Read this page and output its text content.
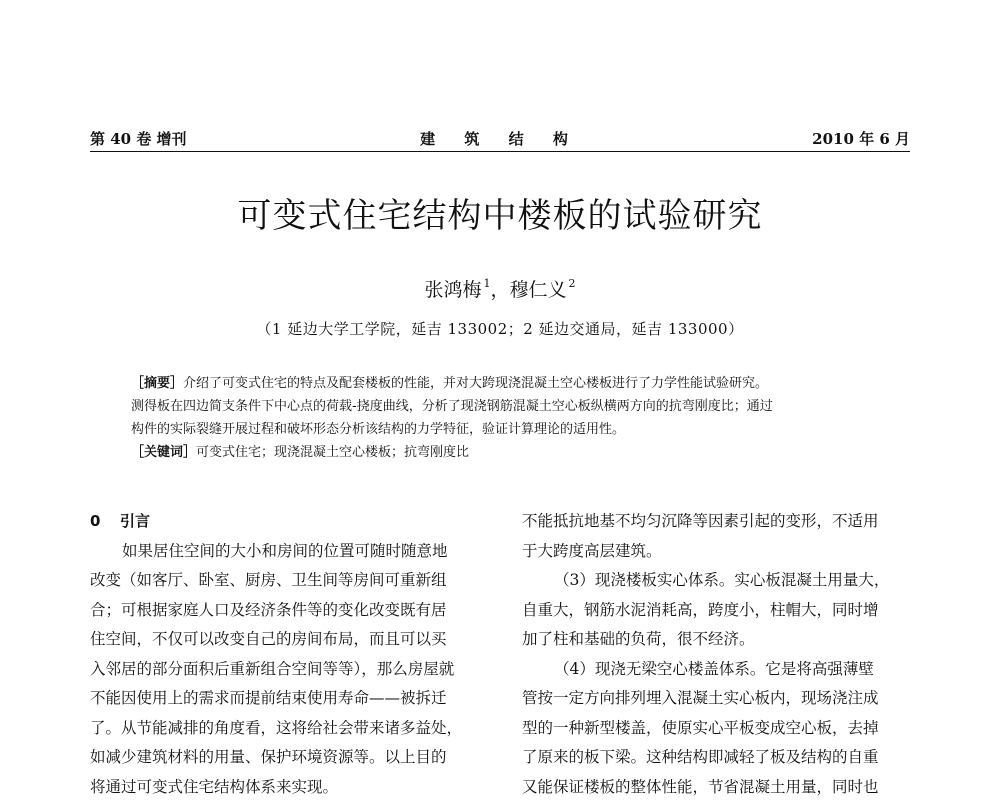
第 40 卷 增刊	建 筑 结 构	2010 年 6 月
可变式住宅结构中楼板的试验研究
张鸿梅 $^1$，穆仁义 $^2$
（1 延边大学工学院，延吉 133002；2 延边交通局，延吉 133000）
［摘要］介绍了可变式住宅的特点及配套楼板的性能，并对大跨现浇混凝土空心楼板进行了力学性能试验研究。
测得板在四边简支条件下中心点的荷载-挠度曲线，分析了现浇钢筋混凝土空心板纵横两方向的抗弯刚度比；通过
构件的实际裂缝开展过程和破坏形态分析该结构的力学特征，验证计算理论的适用性。
［关键词］可变式住宅；现浇混凝土空心楼板；抗弯刚度比
0 引言
如果居住空间的大小和房间的位置可随时随意地
改变（如客厅、卧室、厨房、卫生间等房间可重新组
合；可根据家庭人口及经济条件等的变化改变既有居
住空间，不仅可以改变自己的房间布局，而且可以买
入邻居的部分面积后重新组合空间等等），那么房屋就
不能因使用上的需求而提前结束使用寿命——被拆迁
了。从节能减排的角度看，这将给社会带来诸多益处，
如减少建筑材料的用量、保护环境资源等。以上目的
将通过可变式住宅结构体系来实现。
不能抵抗地基不均匀沉降等因素引起的变形，不适用
于大跨度高层建筑。
（3）现浇楼板实心体系。实心板混凝土用量大，
自重大，钢筋水泥消耗高，跨度小，柱帽大，同时增
加了柱和基础的负荷，很不经济。
（4）现浇无梁空心楼盖体系。它是将高强薄壁
管按一定方向排列埋入混凝土实心板内，现场浇注成
型的一种新型楼盖，使原实心平板变成空心板，去掉
了原来的板下梁。这种结构即减轻了板及结构的自重
又能保证楼板的整体性能，节省混凝土用量，同时也
